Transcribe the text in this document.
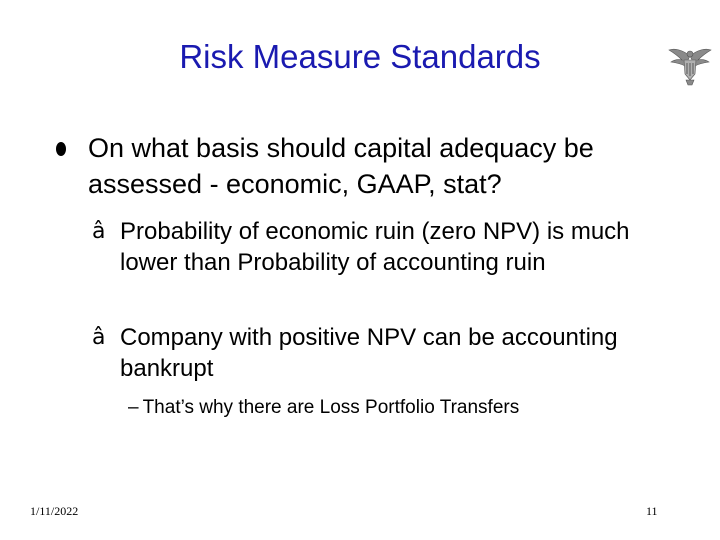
Risk Measure Standards
On what basis should capital adequacy be assessed - economic, GAAP, stat?
â Probability of economic ruin (zero NPV) is much lower than Probability of accounting ruin
â Company with positive NPV can be accounting bankrupt
– That’s why there are Loss Portfolio Transfers
1/11/2022	11
